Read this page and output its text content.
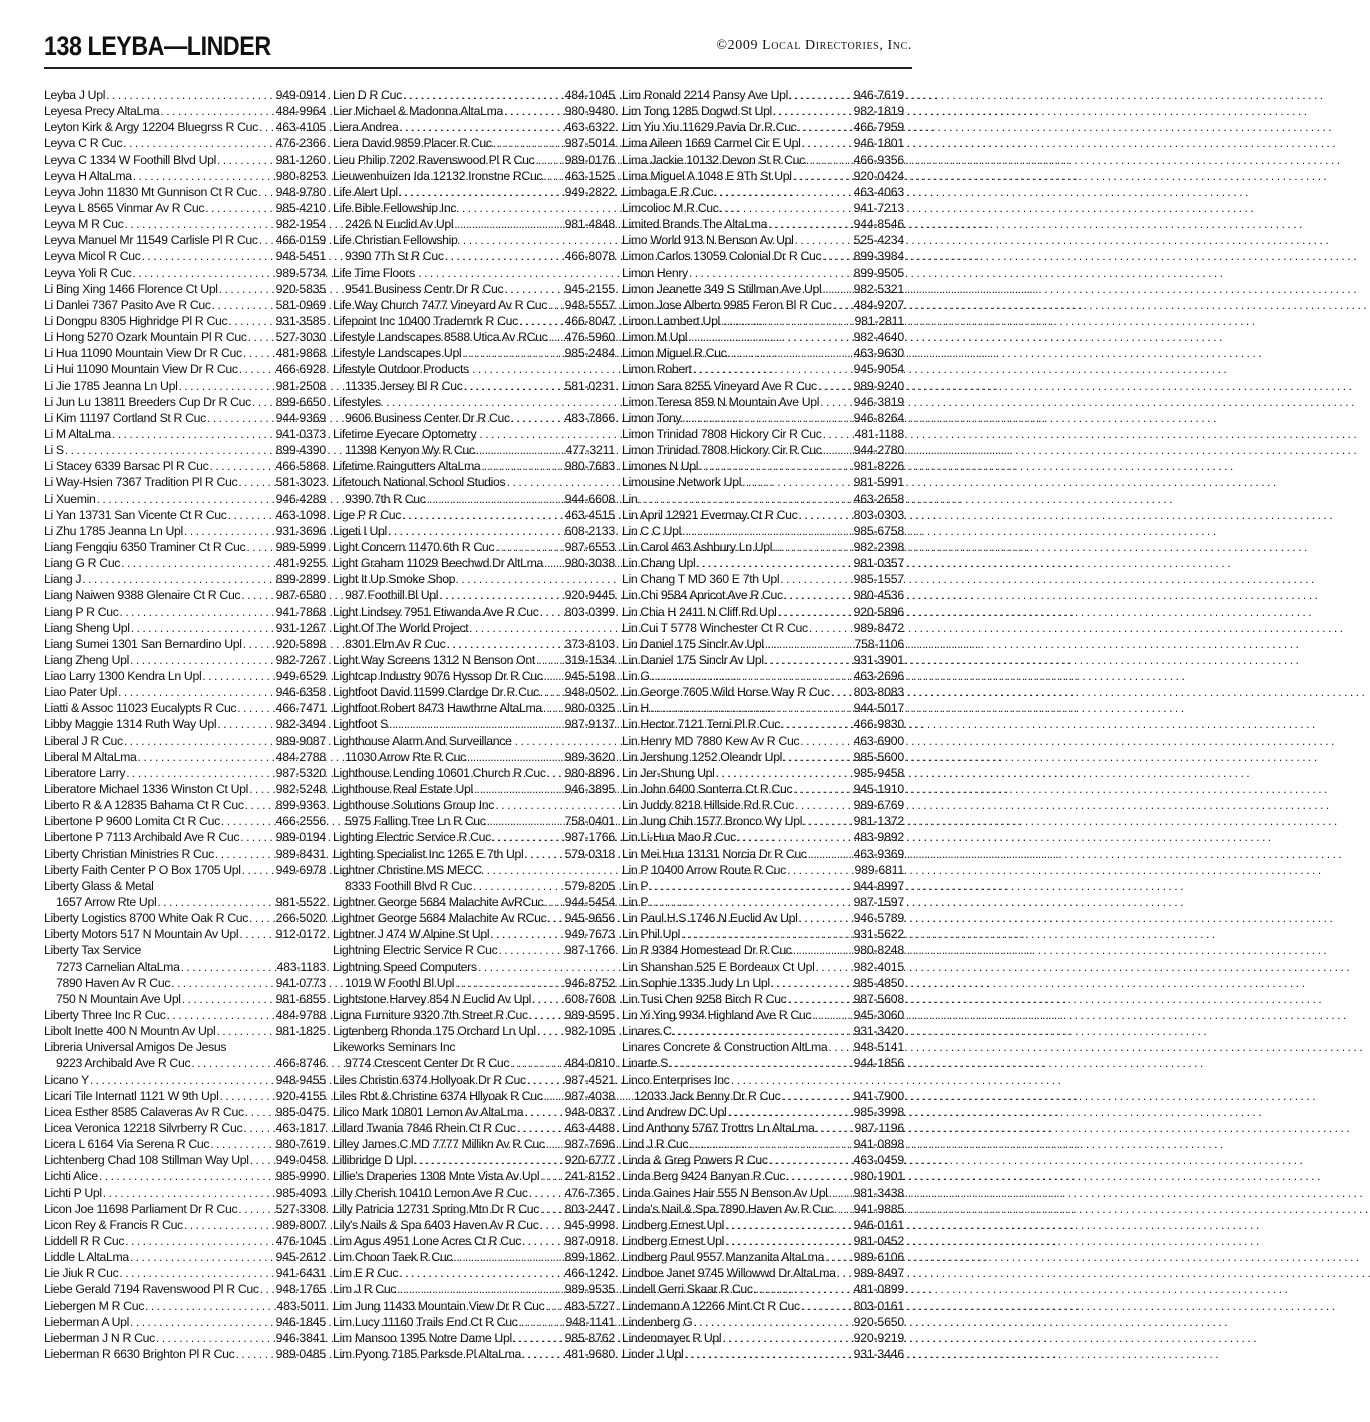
138 LEYBA—LINDER	©2009 Local Directories, Inc.
Leyba J Upl . . .	949-0914
Leyesa Precy AltaLma . . .	484-9964
Leyton Kirk & Argy 12204 Bluegrss R Cuc . . . 463-4105
Leyva C R Cuc . . .	476-2366
Leyva C 1334 W Foothill Blvd Upl . . .	981-1260
Leyva H AltaLma . . .	980-8253
Leyva John 11830 Mt Gunnison Ct R Cuc . . . 948-9780
Leyva L 8565 Vinmar Av R Cuc . . .	985-4210
Leyva M R Cuc . . .	982-1954
Leyva Manuel Mr 11549 Carlisle Pl R Cuc . . . 466-0159
Leyva Micol R Cuc . . .	948-5451
Leyva Yoli R Cuc . . .	989-5734
Li Bing Xing 1466 Florence Ct Upl . . .	920-5835
Li Danlei 7367 Pasito Ave R Cuc . . .	581-0969
Li Dongpu 8305 Highridge Pl R Cuc . . .	931-3585
Li Hong 5270 Ozark Mountain Pl R Cuc . . . 527-3030
Li Hua 11090 Mountain View Dr R Cuc . . .	481-9868
Li Hui 11090 Mountain View Dr R Cuc . . .	466-6928
Li Jie 1785 Jeanna Ln Upl . . .	981-2508
Li Jun Lu 13811 Breeders Cup Dr R Cuc . . . 899-6650
Li Kim 11197 Cortland St R Cuc . . .	944-9369
Li M AltaLma . . .	941-0373
Li S . . .	899-4390
Li Stacey 6339 Barsac Pl R Cuc . . .	466-5868
Li Way-Hsien 7367 Tradition Pl R Cuc . . .	581-3023
Li Xuemin . . .	946-4289
Li Yan 13731 San Vicente Ct R Cuc . . .	463-1098
Li Zhu 1785 Jeanna Ln Upl . . .	931-3696
Liang Fengqiu 6350 Traminer Ct R Cuc . . . 989-5999
Liang G R Cuc . . .	481-9255
Liang J . . .	899-2899
Liang Naiwen 9388 Glenaire Ct R Cuc . . .	987-6580
Liang P R Cuc . . .	941-7868
Liang Sheng Upl . . .	931-1267
Liang Sumei 1301 San Bernardino Upl . . .	920-5898
Liang Zheng Upl . . .	982-7267
Liao Larry 1300 Kendra Ln Upl . . .	949-6529
Liao Pater Upl . . .	946-6358
Liatti & Assoc 11023 Eucalypts R Cuc . . .	466-7471
Libby Maggie 1314 Ruth Way Upl . . .	982-3494
Liberal J R Cuc . . .	989-9087
Liberal M AltaLma . . .	484-2788
Liberatore Larry . . .	987-5320
Liberatore Michael 1336 Winston Ct Upl . . . 982-5248
Liberto R & A 12835 Bahama Ct R Cuc . . .	899-9363
Libertone P 9600 Lomita Ct R Cuc . . .	466-2556
Libertone P 7113 Archibald Ave R Cuc . . .	989-0194
Liberty Christian Ministries R Cuc . . .	989-8431
Liberty Faith Center P O Box 1705 Upl . . .	949-6978
Liberty Glass & Metal
1657 Arrow Rte Upl . . .	981-5522
Liberty Logistics 8700 White Oak R Cuc . . . 266-5020
Liberty Motors 517 N Mountain Av Upl . . .	912-0172
Liberty Tax Service
7273 Carnelian AltaLma . . .	483-1183
7890 Haven Av R Cuc . . .	941-0773
750 N Mountain Ave Upl . . .	981-6855
Liberty Three Inc R Cuc . . .	484-9788
Libolt Inette 400 N Mountn Av Upl . . .	981-1825
Libreria Universal Amigos De Jesus
9223 Archibald Ave R Cuc . . .	466-8746
Licano Y . . .	948-9455
Licari Tile Internatl 1121 W 9th Upl . . .	920-4155
Licea Esther 8585 Calaveras Av R Cuc . . .	985-0475
Licea Veronica 12218 Silvrberry R Cuc . . .	463-1817
Licera L 6164 Via Serena R Cuc . . .	980-7619
Lichtenberg Chad 108 Stillman Way Upl . . . 949-0458
Lichti Alice . . .	985-9990
Lichti P Upl . . .	985-4093
Licon Joe 11698 Parliament Dr R Cuc . . .	527-3308
Licon Rey & Francis R Cuc . . .	989-8007
Liddell R R Cuc . . .	476-1045
Liddle L AltaLma . . .	945-2612
Lie Jiuk R Cuc . . .	941-6431
Liebe Gerald 7194 Ravenswood Pl R Cuc . . . 948-1765
Liebergen M R Cuc . . .	483-5011
Lieberman A Upl . . .	946-1845
Lieberman J N R Cuc . . .	946-3841
Lieberman R 6630 Brighton Pl R Cuc . . .	989-0485
Lien D R Cuc . . .	484-1045
Lier Michael & Madonna AltaLma . . .	980-9480
Liera Andrea . . .	463-6322
Liera David 9859 Placer R Cuc . . .	987-5014
Lieu Philip 7202 Ravenswood Pl R Cuc . . . 989-0176
Lieuwenhuizen Ida 12132 Ironstne RCuc . . . 463-1525
Life Alert Upl . . .	949-2822
Life Bible Fellowship Inc
2426 N Euclid Av Upl . . .	981-4848
Life Christian Fellowship
9390 7Th St R Cuc . . .	466-8078
Life Time Floors
9541 Business Centr Dr R Cuc . . .	945-2155
Life Way Church 7477 Vineyard Av R Cuc . . . 948-5557
Lifepoint Inc 10400 Trademrk R Cuc . . .	466-8047
Lifestyle Landscapes 8588 Utica Av RCuc . . . 476-5960
Lifestyle Landscapes Upl . . .	985-2484
Lifestyle Outdoor Products
11335 Jersey Bl R Cuc . . .	581-0231
Lifestyles
9606 Business Center Dr R Cuc . . .	483-7866
Lifetime Eyecare Optometry
11398 Kenyon Wy R Cuc . . .	477-3211
Lifetime Raingutters AltaLma . . .	980-7683
Lifetouch National School Studios
9390 7th R Cuc . . .	944-6608
Lige P R Cuc . . .	463-4515
Ligeti I Upl . . .	608-2133
Light Concern 11470 6th R Cuc . . .	987-6553
Light Graham 11029 Beechwd Dr AltLma . . . 980-3038
Light It Up Smoke Shop
987 Foothill Bl Upl . . .	920-9445
Light Lindsey 7951 Etiwanda Ave R Cuc . . . 803-0399
Light Of The World Project
8301 Elm Av R Cuc . . .	373-8103
Light Way Screens 1312 N Benson Ont . . . 319-1534
Lightcap Industry 9076 Hyssop Dr R Cuc . . . 945-5198
Lightfoot David 11599 Clardge Dr R Cuc . . . 948-0502
Lightfoot Robert 8473 Hawthrne AltaLma . . . 980-0325
Lightfoot S . . .	987-9137
Lighthouse Alarm And Surveillance
11030 Arrow Rte R Cuc . . .	989-3620
Lighthouse Lending 10601 Church R Cuc . . . 980-8896
Lighthouse Real Estate Upl . . .	946-3895
Lighthouse Solutions Group Inc
5975 Falling Tree Ln R Cuc . . .	758-0401
Lighting Electric Service R Cuc . . .	987-1766
Lighting Specialist Inc 1265 E 7th Upl . . .	579-0318
Lightner Christine MS MECC
8333 Foothill Blvd R Cuc . . .	579-8205
Lightner George 5684 Malachite AvRCuc . . . 944-5454
Lightner George 5684 Malachite Av RCuc . . . 945-9656
Lightner J 474 W Alpine St Upl . . .	949-7673
Lightning Electric Service R Cuc . . .	987-1766
Lightning Speed Computers
1019 W Foothl Bl Upl . . .	946-8752
Lightstone Harvey 854 N Euclid Av Upl . . .	608-7608
Ligna Furniture 9320 7th Street R Cuc . . .	989-9595
Ligtenberg Rhonda 175 Orchard Ln Upl . . . 982-1095
Likeworks Seminars Inc
9774 Crescent Center Dr R Cuc . . .	484-0810
Liles Christin 6374 Hollyoak Dr R Cuc . . .	987-4521
Liles Rbt & Christine 6374 Hllyoak R Cuc . . . 987-4038
Lilico Mark 10801 Lemon Av AltaLma . . .	948-0837
Lillard Twania 7846 Rhein Ct R Cuc . . .	463-4488
Lilley James C MD 7777 Millikn Av R Cuc . . . 987-7696
Lillibridge D Upl . . .	920-6777
Lillie's Draperies 1308 Mnte Vista Av Upl . . . 241-8152
Lilly Cherish 10410 Lemon Ave R Cuc . . .	476-7365
Lilly Patricia 12731 Spring Mtn Dr R Cuc . . . 803-2447
Lily's Nails & Spa 6403 Haven Av R Cuc . . . 945-9998
Lim Agus 4951 Lone Acres Ct R Cuc . . .	987-0918
Lim Choon Taek R Cuc . . .	899-1862
Lim E R Cuc . . .	466-1242
Lim J R Cuc . . .	989-9535
Lim Jung 11433 Mountain View Dr R Cuc . . . 483-5727
Lim Lucy 11160 Trails End Ct R Cuc . . .	948-1141
Lim Mansoo 1395 Notre Dame Upl . . .	985-8762
Lim Pyong 7185 Parksde Pl AltaLma . . .	481-9680
Lim Ronald 2214 Pansy Ave Upl . . .	946-7619
Lim Tong 1285 Dogwd St Upl . . .	982-1819
Lim Yiu Yiu 11629 Pavia Dr R Cuc . . .	466-7959
Lima Aileen 1669 Carmel Cir E Upl . . .	946-1801
Lima Jackie 10132 Devon St R Cuc . . .	466-9356
Lima Miguel A 1048 E 9Th St Upl . . .	920-0424
Limbaga E R Cuc . . .	463-4063
Limcolioc M R Cuc . . .	941-7213
Limited Brands The AltaLma . . .	944-8546
Limo World 913 N Benson Av Upl . . .	525-4234
Limon Carlos 13059 Colonial Dr R Cuc . . .	899-3984
Limon Henry . . .	899-9505
Limon Jeanette 349 S Stillman Ave Upl . . .	982-5321
Limon Jose Alberto 9985 Feron Bl R Cuc . . . 484-9207
Limon Lambert Upl . . .	981-2811
Limon M Upl . . .	982-4640
Limon Miguel R Cuc . . .	463-9630
Limon Robert . . .	945-9054
Limon Sara 8255 Vineyard Ave R Cuc . . .	989-9240
Limon Teresa 859 N Mountain Ave Upl . . .	946-3819
Limon Tony . . .	946-8264
Limon Trinidad 7808 Hickory Cir R Cuc . . .	481-1188
Limon Trinidad 7808 Hickory Cir R Cuc . . .	944-2780
Limones N Upl . . .	981-8226
Limousine Network Upl . . .	981-5991
Lin . . .	463-2658
Lin April 12921 Evermay Ct R Cuc . . .	803-0303
Lin C C Upl . . .	985-6758
Lin Carol 463 Ashbury Ln Upl . . .	982-2398
Lin Chang Upl . . .	981-0357
Lin Chang T MD 360 E 7th Upl . . .	985-1557
Lin Chi 9584 Apricot Ave R Cuc . . .	980-4536
Lin Chia H 2411 N Cliff Rd Upl . . .	920-5896
Lin Cui T 5778 Winchester Ct R Cuc . . .	989-8472
Lin Daniel 175 Sinclr Av Upl . . .	758-1106
Lin Daniel 175 Sinclr Av Upl . . .	931-3901
Lin G . . .	463-2696
Lin George 7605 Wild Horse Way R Cuc . . . 803-8083
Lin H . . .	944-5017
Lin Hector 7121 Terni Pl R Cuc . . .	466-9830
Lin Henry MD 7880 Kew Av R Cuc . . .	463-6900
Lin Jershung 1252 Oleandr Upl . . .	985-5600
Lin Jer-Shung Upl . . .	985-9458
Lin John 6400 Sonterra Ct R Cuc . . .	945-1910
Lin Juddy 8218 Hillside Rd R Cuc . . .	989-6769
Lin Jung Chih 1577 Bronco Wy Upl . . .	981-1372
Lin Li-Hua Mao R Cuc . . .	483-9892
Lin Mei Hua 13131 Norcia Dr R Cuc . . .	463-9369
Lin P 10400 Arrow Route R Cuc . . .	989-6811
Lin P . . .	944-8997
Lin P . . .	987-1597
Lin Paul H S 1746 N Euclid Av Upl . . .	946-5789
Lin Phil Upl . . .	931-5622
Lin R 9384 Homestead Dr R Cuc . . .	980-8248
Lin Shanshan 525 E Bordeaux Ct Upl . . .	982-4015
Lin Sophie 1335 Judy Ln Upl . . .	985-4850
Lin Tusi Chen 9258 Birch R Cuc . . .	987-5608
Lin Yi Ying 9934 Highland Ave R Cuc . . .	945-3060
Linares C . . .	931-3420
Linares Concrete & Construction AltLma . . . 948-5141
Linarte S . . .	944-1856
Linco Enterprises Inc
12033 Jack Benny Dr R Cuc . . .	941-7900
Lind Andrew DC Upl . . .	985-3998
Lind Anthony 5767 Trottrs Ln AltaLma . . .	987-1196
Lind J R Cuc . . .	941-0898
Linda & Greg Powers R Cuc . . .	463-0459
Linda Berg 9424 Banyan R Cuc . . .	980-1901
Linda Gaines Hair 555 N Benson Av Upl . . . 981-3438
Linda's Nail & Spa 7890 Haven Av R Cuc . . . 941-9885
Lindberg Ernest Upl . . .	946-0161
Lindberg Ernest Upl . . .	981-0452
Lindberg Paul 9557 Manzanita AltaLma . . . 989-6106
Lindboe Janet 9745 Willowwd Dr AltaLma . . . 989-8497
Lindell Gerri Skaar R Cuc . . .	481-0899
Lindemann A 12266 Mint Ct R Cuc . . .	803-0161
Lindenberg G . . .	920-5650
Lindenmayer R Upl . . .	920-9219
Linder J Upl . . .	931-3446
